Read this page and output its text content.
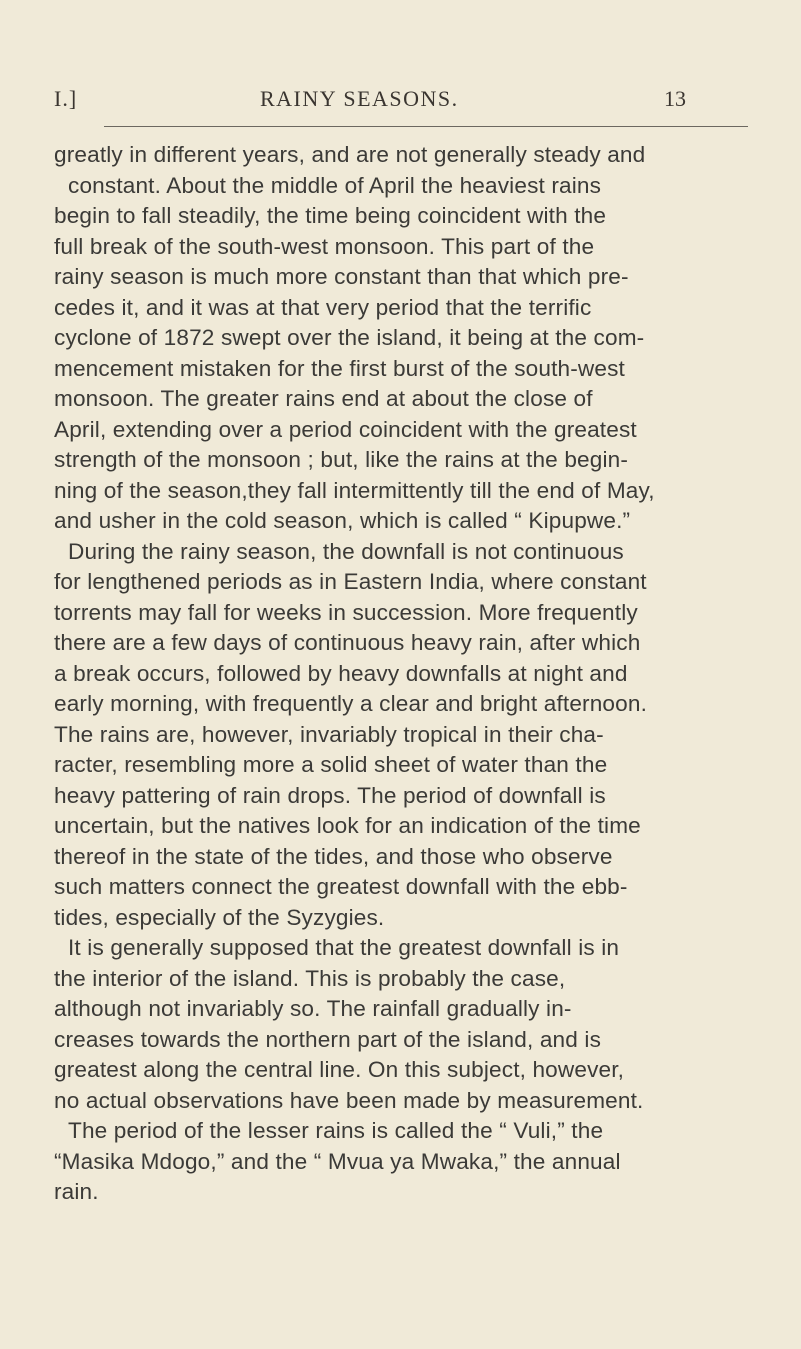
I.]	RAINY SEASONS.	13
greatly in different years, and are not generally steady and
constant. About the middle of April the heaviest rains
begin to fall steadily, the time being coincident with the
full break of the south-west monsoon. This part of the
rainy season is much more constant than that which pre-
cedes it, and it was at that very period that the terrific
cyclone of 1872 swept over the island, it being at the com-
mencement mistaken for the first burst of the south-west
monsoon. The greater rains end at about the close of
April, extending over a period coincident with the greatest
strength of the monsoon ; but, like the rains at the begin-
ning of the season,they fall intermittently till the end of May,
and usher in the cold season, which is called “ Kipupwe.”
During the rainy season, the downfall is not continuous
for lengthened periods as in Eastern India, where constant
torrents may fall for weeks in succession. More frequently
there are a few days of continuous heavy rain, after which
a break occurs, followed by heavy downfalls at night and
early morning, with frequently a clear and bright afternoon.
The rains are, however, invariably tropical in their cha-
racter, resembling more a solid sheet of water than the
heavy pattering of rain drops. The period of downfall is
uncertain, but the natives look for an indication of the time
thereof in the state of the tides, and those who observe
such matters connect the greatest downfall with the ebb-
tides, especially of the Syzygies.
It is generally supposed that the greatest downfall is in
the interior of the island. This is probably the case,
although not invariably so. The rainfall gradually in-
creases towards the northern part of the island, and is
greatest along the central line. On this subject, however,
no actual observations have been made by measurement.
The period of the lesser rains is called the “ Vuli,” the
“Masika Mdogo,” and the “ Mvua ya Mwaka,” the annual
rain.
